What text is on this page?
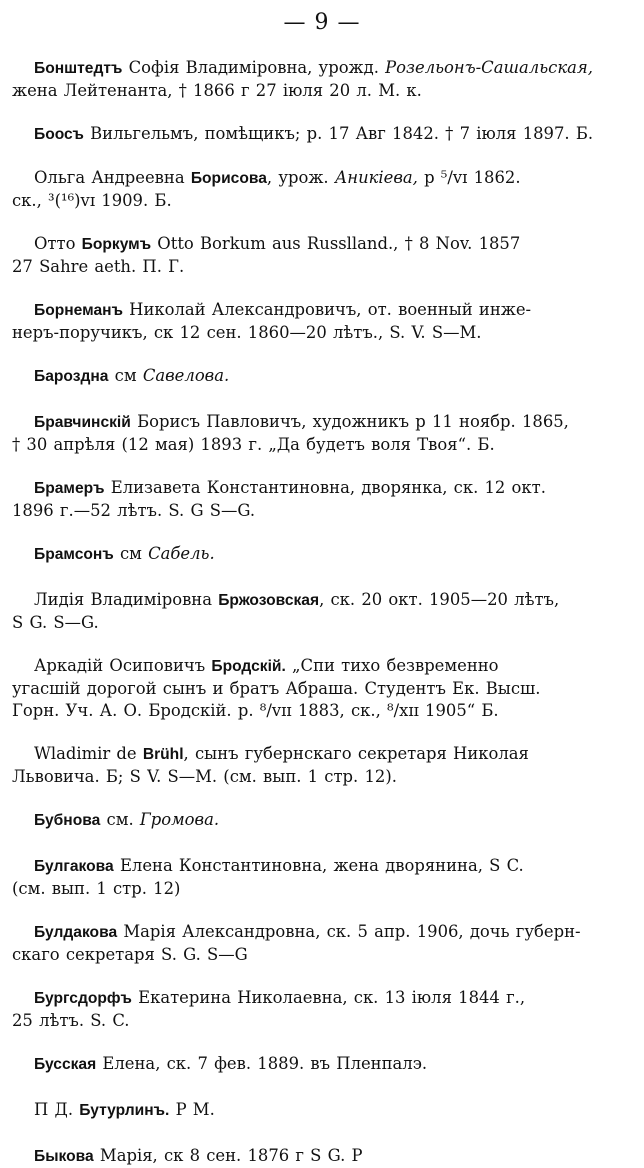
— 9 —

Бонштедтъ Софія Владиміровна, урожд. Розельонъ-Сашальская,
жена Лейтенанта, † 1866 г 27 іюля 20 л. М. к.

Боосъ Вильгельмъ, помѣщикъ; р. 17 Авг 1842. † 7 іюля 1897. Б.

Ольга Андреевна Борисова, урож. Аникіева, р ⁵/ᴠɪ 1862.
ск., ³(¹⁶)ᴠɪ 1909. Б.

Отто Боркумъ Otto Borkum aus Russlland., † 8 Nov. 1857
27 Sahre aeth. П. Г.

Борнеманъ Николай Александровичъ, от. военный инже-
неръ-поручикъ, ск 12 сен. 1860—20 лѣтъ., S. V. S—M.

Бароздна см Савелова.

Бравчинскій Борисъ Павловичъ, художникъ р 11 ноябр. 1865,
† 30 апрѣля (12 мая) 1893 г. „Да будетъ воля Твоя“. Б.

Брамеръ Елизавета Константиновна, дворянка, ск. 12 окт.
1896 г.—52 лѣтъ. S. G S—G.

Брамсонъ см Сабель.

Лидія Владиміровна Бржозовская, ск. 20 окт. 1905—20 лѣтъ,
S G. S—G.

Аркадій Осиповичъ Бродскій. „Спи тихо безвременно
угасшій дорогой сынъ и братъ Абраша. Студентъ Ек. Высш.
Горн. Уч. А. О. Бродскій. р. ⁸/ᴠɪɪ 1883, ск., ⁸/xɪɪ 1905“ Б.

Wladimir de Brühl, сынъ губернскаго секретаря Николая
Львовича. Б; S V. S—M. (см. вып. 1 стр. 12).

Бубнова см. Громова.

Булгакова Елена Константиновна, жена дворянина, S C.
(см. вып. 1 стр. 12)

Булдакова Марія Александровна, ск. 5 апр. 1906, дочь губерн-
скаго секретаря S. G. S—G

Бургсдорфъ Екатерина Николаевна, ск. 13 іюля 1844 г.,
25 лѣтъ. S. C.

Бусская Елена, ск. 7 фев. 1889. въ Пленпалэ.

П Д. Бутурлинъ. Р М.

Быкова Марія, ск 8 сен. 1876 г S G. P
